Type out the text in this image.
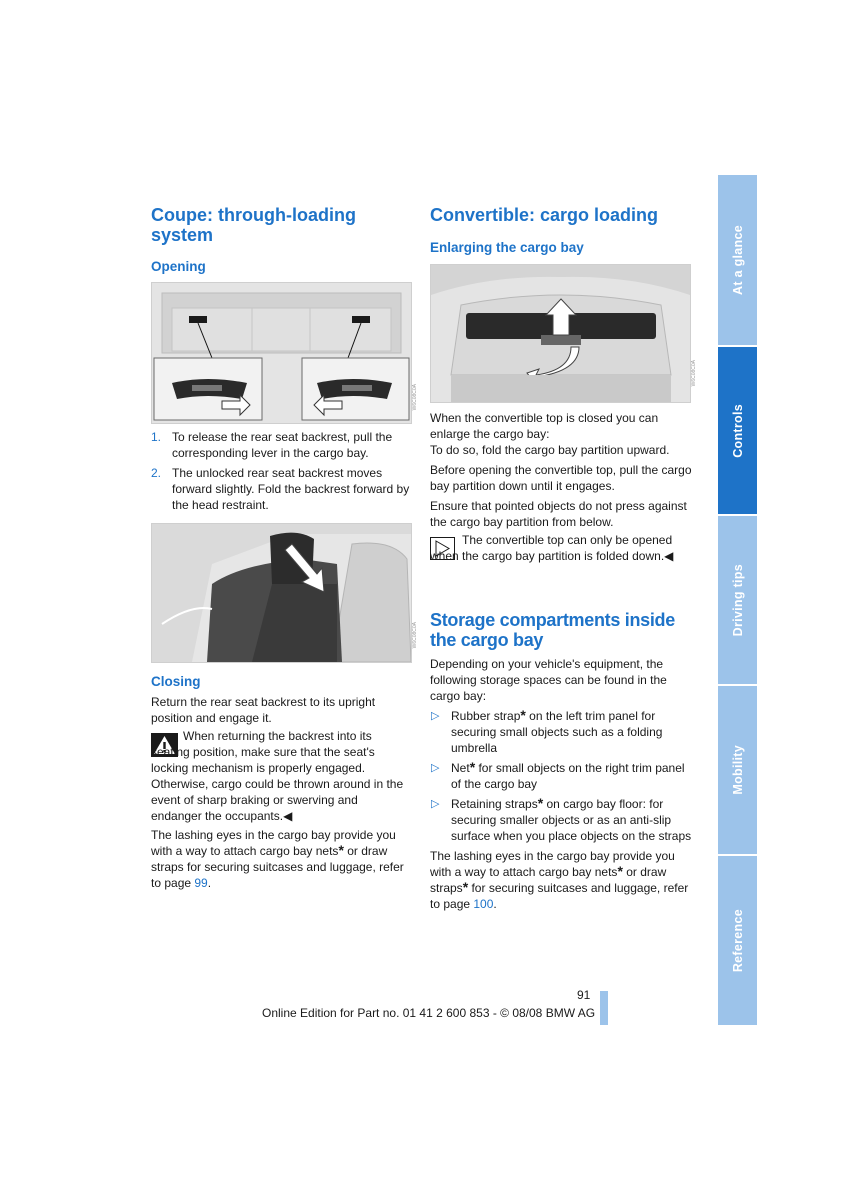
Coupe: through-loading system
Opening
W6C08C0A
1. To release the rear seat backrest, pull the corresponding lever in the cargo bay.
2. The unlocked rear seat backrest moves forward slightly. Fold the backrest forward by the head restraint.
W6C08C0A
Closing
Return the rear seat backrest to its upright position and engage it.
When returning the backrest into its seating position, make sure that the seat's locking mechanism is properly engaged. Otherwise, cargo could be thrown around in the event of sharp braking or swerving and endanger the occupants.◀
The lashing eyes in the cargo bay provide you with a way to attach cargo bay nets* or draw straps for securing suitcases and luggage, refer to page 99.
Convertible: cargo loading
Enlarging the cargo bay
W6C08C0A
When the convertible top is closed you can enlarge the cargo bay:

To do so, fold the cargo bay partition upward.

Before opening the convertible top, pull the cargo bay partition down until it engages.

Ensure that pointed objects do not press against the cargo bay partition from below.

The convertible top can only be opened when the cargo bay partition is folded down.◀
Storage compartments inside the cargo bay

Depending on your vehicle's equipment, the following storage spaces can be found in the cargo bay:

▷ Rubber strap* on the left trim panel for securing small objects such as a folding umbrella
▷ Net* for small objects on the right trim panel of the cargo bay
▷ Retaining straps* on cargo bay floor: for securing smaller objects or as an anti-slip surface when you place objects on the straps
The lashing eyes in the cargo bay provide you with a way to attach cargo bay nets* or draw straps* for securing suitcases and luggage, refer to page 100.
At a glance
Controls
Driving tips
Mobility
Reference
91
Online Edition for Part no. 01 41 2 600 853 - © 08/08 BMW AG
